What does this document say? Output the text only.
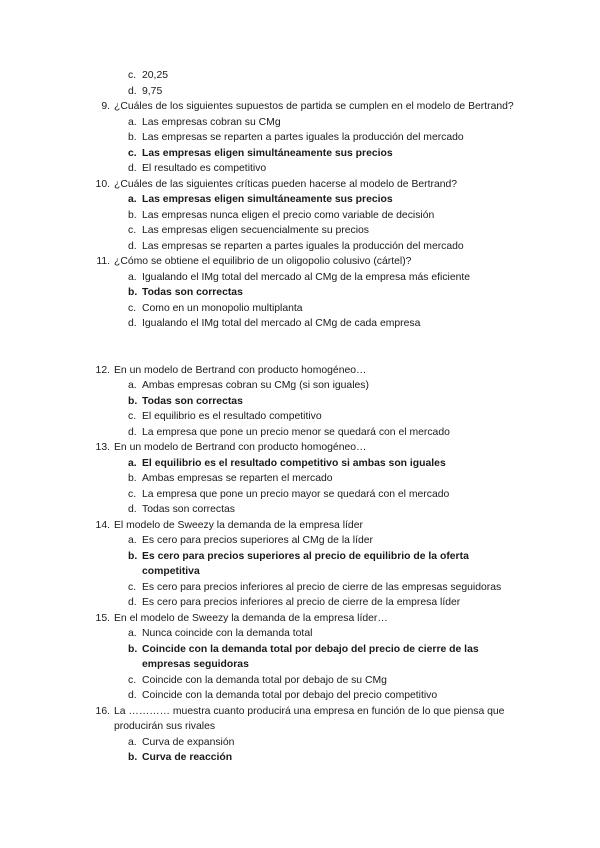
c. 20,25
d. 9,75
9. ¿Cuáles de los siguientes supuestos de partida se cumplen en el modelo de Bertrand?
a. Las empresas cobran su CMg
b. Las empresas se reparten a partes iguales la producción del mercado
c. Las empresas eligen simultáneamente sus precios
d. El resultado es competitivo
10. ¿Cuáles de las siguientes críticas pueden hacerse al modelo de Bertrand?
a. Las empresas eligen simultáneamente sus precios
b. Las empresas nunca eligen el precio como variable de decisión
c. Las empresas eligen secuencialmente su precios
d. Las empresas se reparten a partes iguales la producción del mercado
11. ¿Cómo se obtiene el equilibrio de un oligopolio colusivo (cártel)?
a. Igualando el IMg total del mercado al CMg de la empresa más eficiente
b. Todas son correctas
c. Como en un monopolio multiplanta
d. Igualando el IMg total del mercado al CMg de cada empresa
12. En un modelo de Bertrand con producto homogéneo…
a. Ambas empresas cobran su CMg (si son iguales)
b. Todas son correctas
c. El equilibrio es el resultado competitivo
d. La empresa que pone un precio menor se quedará con el mercado
13. En un modelo de Bertrand con producto homogéneo…
a. El equilibrio es el resultado competitivo si ambas son iguales
b. Ambas empresas se reparten el mercado
c. La empresa que pone un precio mayor se quedará con el mercado
d. Todas son correctas
14. El modelo de Sweezy la demanda de la empresa líder
a. Es cero para precios superiores al CMg de la líder
b. Es cero para precios superiores al precio de equilibrio de la oferta competitiva
c. Es cero para precios inferiores al precio de cierre de las empresas seguidoras
d. Es cero para precios inferiores al precio de cierre de la empresa líder
15. En el modelo de Sweezy la demanda de la empresa líder…
a. Nunca coincide con la demanda total
b. Coincide con la demanda total por debajo del precio de cierre de las empresas seguidoras
c. Coincide con la demanda total por debajo de su CMg
d. Coincide con la demanda total por debajo del precio competitivo
16. La ………… muestra cuanto producirá una empresa en función de lo que piensa que producirán sus rivales
a. Curva de expansión
b. Curva de reacción
